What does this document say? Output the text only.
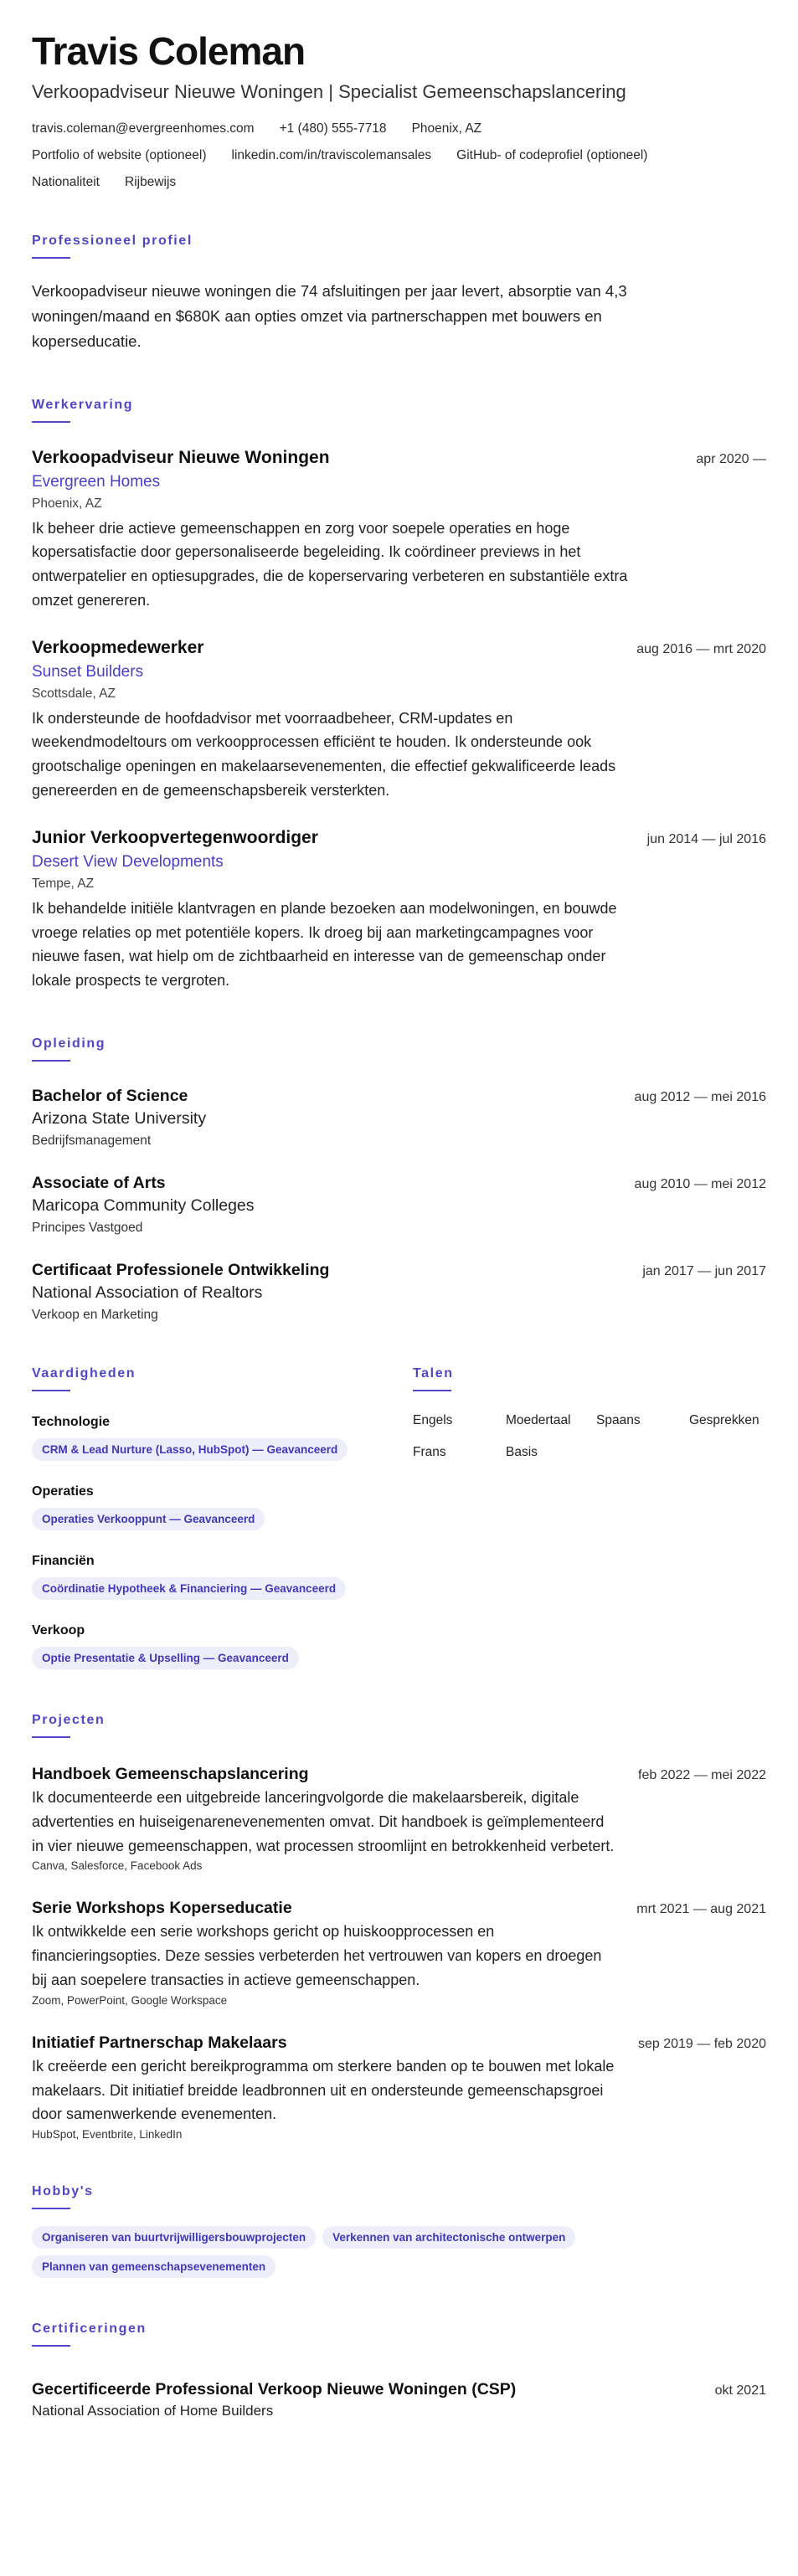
Travis Coleman
Verkoopadviseur Nieuwe Woningen | Specialist Gemeenschapslancering
travis.coleman@evergreenhomes.com +1 (480) 555-7718 Phoenix, AZ
Portfolio of website (optioneel) linkedin.com/in/traviscolemansales GitHub- of codeprofiel (optioneel)
Nationaliteit Rijbewijs
Professioneel profiel

Verkoopadviseur nieuwe woningen die 74 afsluitingen per jaar levert, absorptie van 4,3 woningen/maand en $680K aan opties omzet via partnerschappen met bouwers en koperseducatie.

Werkervaring
Verkoopadviseur Nieuwe Woningen	apr 2020 —
Evergreen Homes
Phoenix, AZ

Ik beheer drie actieve gemeenschappen en zorg voor soepele operaties en hoge kopersatisfactie door gepersonaliseerde begeleiding. Ik coördineer previews in het ontwerpatelier en optiesupgrades, die de koperservaring verbeteren en substantiële extra omzet genereren.

Verkoopmedewerker	aug 2016 — mrt 2020
Sunset Builders
Scottsdale, AZ

Ik ondersteunde de hoofdadvisor met voorraadbeheer, CRM-updates en weekendmodeltours om verkoopprocessen efficiënt te houden. Ik ondersteunde ook grootschalige openingen en makelaarsevenementen, die effectief gekwalificeerde leads genereerden en de gemeenschapsbereik versterkten.

Junior Verkoopvertegenwoordiger	jun 2014 — jul 2016
Desert View Developments
Tempe, AZ

Ik behandelde initiële klantvragen en plande bezoeken aan modelwoningen, en bouwde vroege relaties op met potentiële kopers. Ik droeg bij aan marketingcampagnes voor nieuwe fasen, wat hielp om de zichtbaarheid en interesse van de gemeenschap onder lokale prospects te vergroten.

Opleiding
Bachelor of Science	aug 2012 — mei 2016
Arizona State University
Bedrijfsmanagement
Associate of Arts	aug 2010 — mei 2012
Maricopa Community Colleges
Principes Vastgoed
Certificaat Professionele Ontwikkeling	jan 2017 — jun 2017
National Association of Realtors
Verkoop en Marketing
Vaardigheden
Technologie
CRM & Lead Nurture (Lasso, HubSpot) — Geavanceerd
Operaties
Operaties Verkooppunt — Geavanceerd
Financiën
Coördinatie Hypotheek & Financiering — Geavanceerd
Verkoop
Optie Presentatie & Upselling — Geavanceerd
Talen
Engels	Moedertaal	Spaans	Gesprekken
Frans	Basis
Projecten
Handboek Gemeenschapslancering	feb 2022 — mei 2022

Ik documenteerde een uitgebreide lanceringvolgorde die makelaarsbereik, digitale advertenties en huiseigenarenevenementen omvat. Dit handboek is geïmplementeerd in vier nieuwe gemeenschappen, wat processen stroomlijnt en betrokkenheid verbetert.

Canva, Salesforce, Facebook Ads
Serie Workshops Koperseducatie	mrt 2021 — aug 2021

Ik ontwikkelde een serie workshops gericht op huiskoopprocessen en financieringsopties. Deze sessies verbeterden het vertrouwen van kopers en droegen bij aan soepelere transacties in actieve gemeenschappen.

Zoom, PowerPoint, Google Workspace
Initiatief Partnerschap Makelaars	sep 2019 — feb 2020

Ik creëerde een gericht bereikprogramma om sterkere banden op te bouwen met lokale makelaars. Dit initiatief breidde leadbronnen uit en ondersteunde gemeenschapsgroei door samenwerkende evenementen.

HubSpot, Eventbrite, LinkedIn
Hobby's
Organiseren van buurtvrijwilligersbouwprojecten	Verkennen van architectonische ontwerpen
Plannen van gemeenschapsevenementen
Certificeringen
Gecertificeerde Professional Verkoop Nieuwe Woningen (CSP)	okt 2021
National Association of Home Builders
